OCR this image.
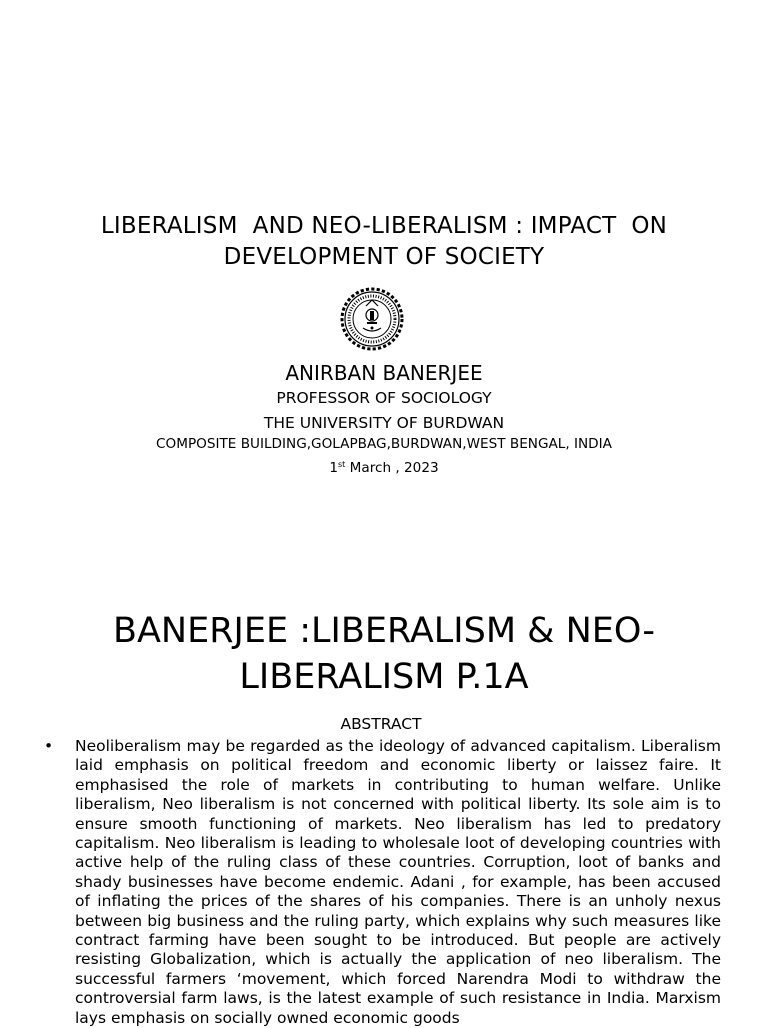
LIBERALISM  AND NEO-LIBERALISM : IMPACT  ON DEVELOPMENT OF SOCIETY
ANIRBAN BANERJEE
PROFESSOR OF SOCIOLOGY
THE UNIVERSITY OF BURDWAN
COMPOSITE BUILDING,GOLAPBAG,BURDWAN,WEST BENGAL, INDIA
1st March , 2023
BANERJEE :LIBERALISM & NEO-LIBERALISM P.1A
ABSTRACT
• Neoliberalism may be regarded as the ideology of advanced capitalism. Liberalism laid emphasis on political freedom and economic liberty or laissez faire. It emphasised the role of markets in contributing to human welfare. Unlike liberalism, Neo liberalism is not concerned with political liberty. Its sole aim is to ensure smooth functioning of markets. Neo liberalism has led to predatory capitalism. Neo liberalism is leading to wholesale loot of developing countries with active help of the ruling class of these countries. Corruption, loot of banks and shady businesses have become endemic. Adani , for example, has been accused of inflating the prices of the shares of his companies. There is an unholy nexus between big business and the ruling party, which explains why such measures like contract farming have been sought to be introduced. But people are actively resisting Globalization, which is actually the application of neo liberalism. The successful farmers ‘movement, which forced Narendra Modi to withdraw the controversial farm laws, is the latest example of such resistance in India. Marxism lays emphasis on socially owned economic goods
